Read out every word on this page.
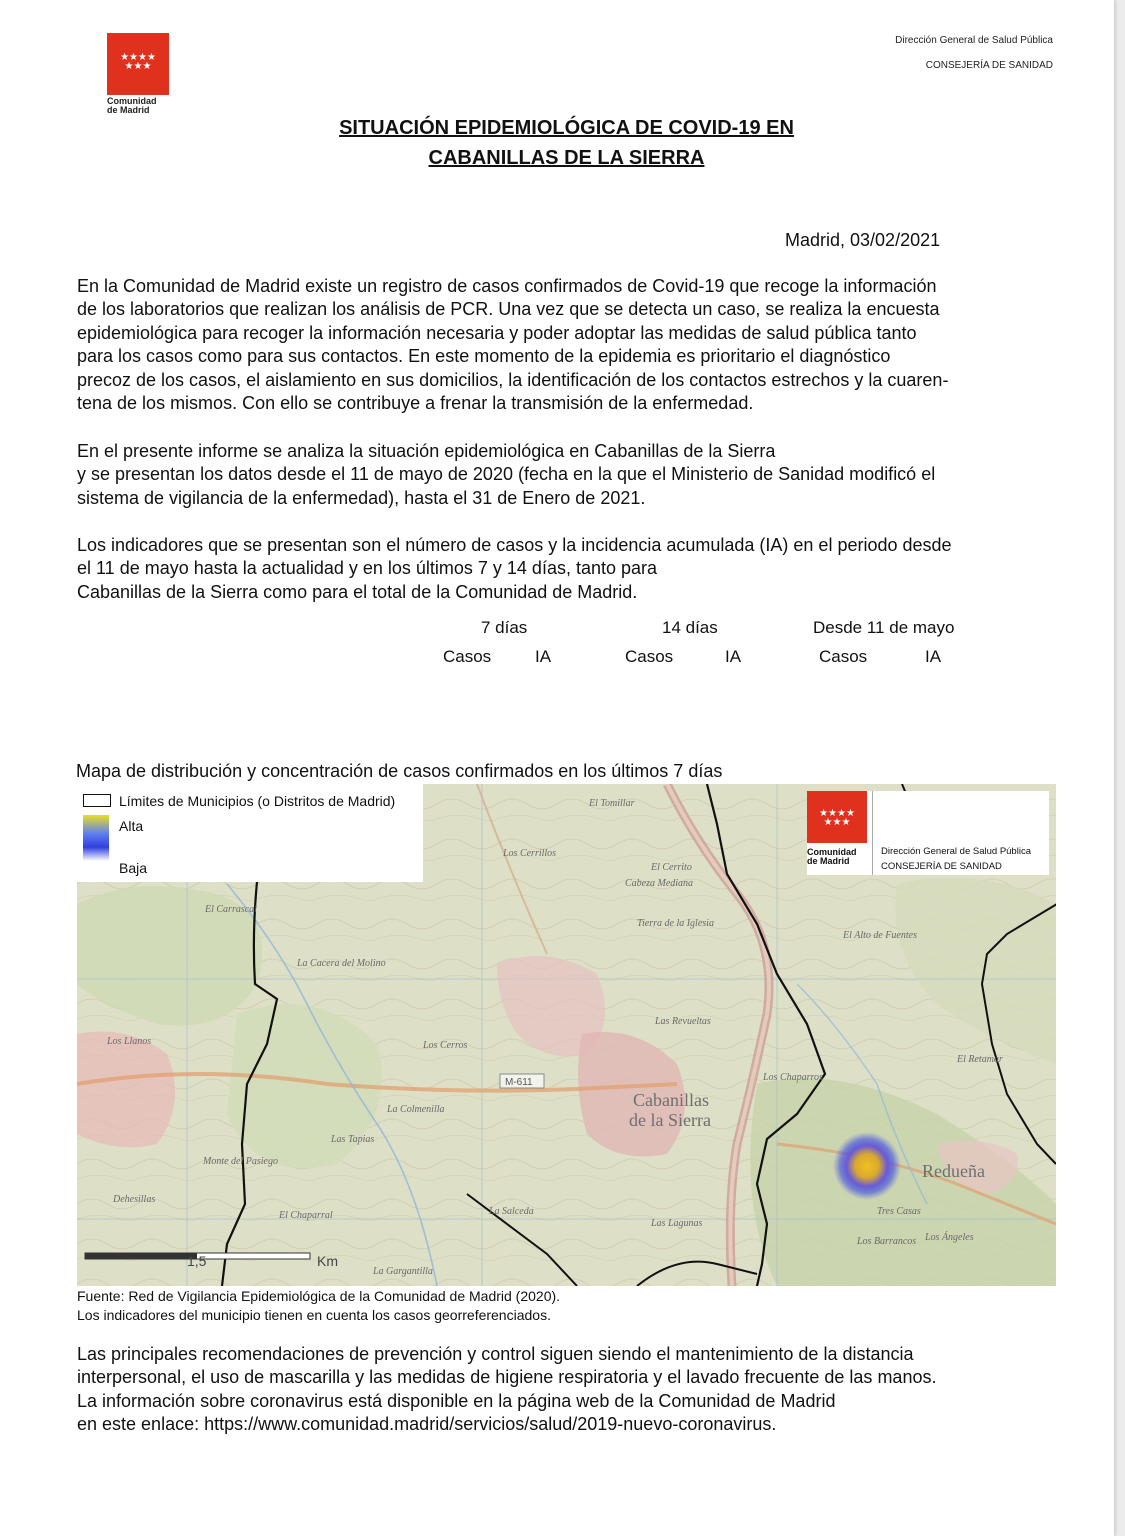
★★★★
★★★
Comunidad
de Madrid
Dirección General de Salud Pública
CONSEJERÍA DE SANIDAD
SITUACIÓN EPIDEMIOLÓGICA DE COVID-19 EN
CABANILLAS DE LA SIERRA
Madrid, 03/02/2021

En la Comunidad de Madrid existe un registro de casos confirmados de Covid-19 que recoge la información
de los laboratorios que realizan los análisis de PCR. Una vez que se detecta un caso, se realiza la encuesta
epidemiológica para recoger la información necesaria y poder adoptar las medidas de salud pública tanto
para los casos como para sus contactos. En este momento de la epidemia es prioritario el diagnóstico
precoz de los casos, el aislamiento en sus domicilios, la identificación de los contactos estrechos y la cuaren-
tena de los mismos. Con ello se contribuye a frenar la transmisión de la enfermedad.

En el presente informe se analiza la situación epidemiológica en Cabanillas de la Sierra
y se presentan los datos desde el 11 de mayo de 2020 (fecha en la que el Ministerio de Sanidad modificó el
sistema de vigilancia de la enfermedad), hasta el 31 de Enero de 2021.

Los indicadores que se presentan son el número de casos y la incidencia acumulada (IA) en el periodo desde
el 11 de mayo hasta la actualidad y en los últimos 7 y 14 días, tanto para
Cabanillas de la Sierra como para el total de la Comunidad de Madrid.

7 días	14 días	Desde 11 de mayo
Casos	IA	Casos	IA	Casos	IA
Mapa de distribución y concentración de casos confirmados en los últimos 7 días
1,5	Km
Cabanillas
de la Sierra
Redueña
M-611
Los Cerrillos
El Tomillar
Cabeza Mediana
Tierra de la Iglesia
El Alto de Fuentes
La Cacera del Molino
El Carrascal
Los Llanos
Las Revueltas
Los Chaparros
El Retamar
La Colmenilla
Monte del Pasiego
El Chaparral	La Salceda
Las Tapias
Tres Casas
Los Barrancos
La Gargantilla
El Cerrito
Los Ángeles
Dehesillas
Los Cerros
Las Lagunas
Límites de Municipios (o Distritos de Madrid)
Alta
Baja
★★★★
★★★
Comunidad
de Madrid
Dirección General de Salud Pública
CONSEJERÍA DE SANIDAD
Fuente: Red de Vigilancia Epidemiológica de la Comunidad de Madrid (2020).
Los indicadores del municipio tienen en cuenta los casos georreferenciados.

Las principales recomendaciones de prevención y control siguen siendo el mantenimiento de la distancia
interpersonal, el uso de mascarilla y las medidas de higiene respiratoria y el lavado frecuente de las manos.
La información sobre coronavirus está disponible en la página web de la Comunidad de Madrid
en este enlace: https://www.comunidad.madrid/servicios/salud/2019-nuevo-coronavirus.
